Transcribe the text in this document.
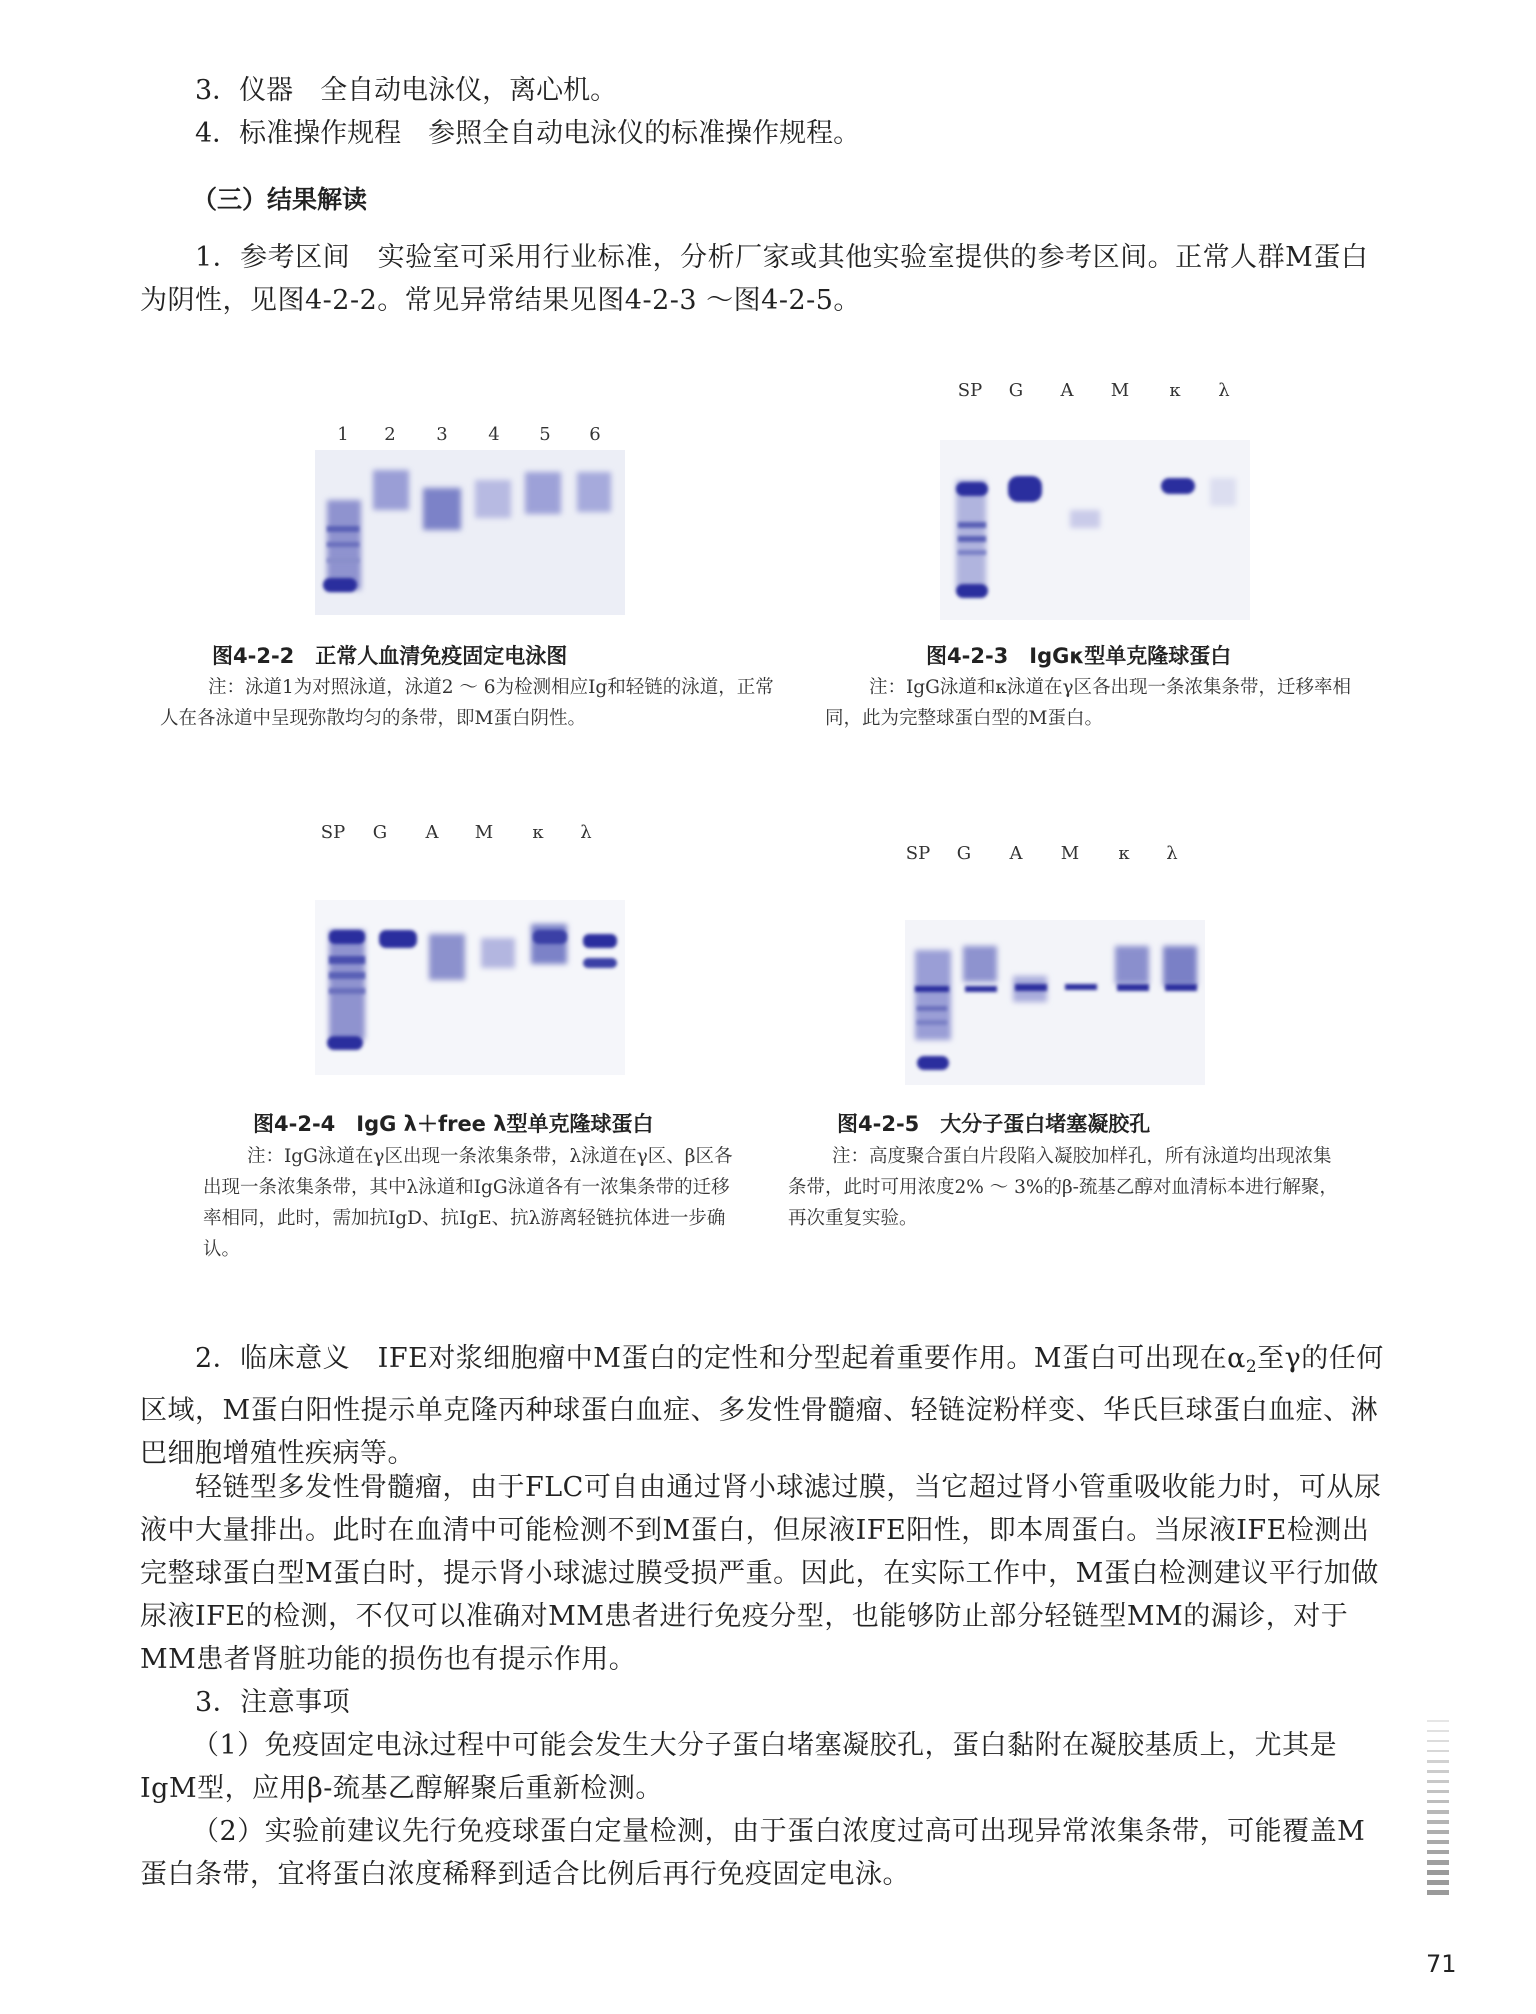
3．仪器　全自动电泳仪，离心机。
4．标准操作规程　参照全自动电泳仪的标准操作规程。
（三）结果解读
1．参考区间　实验室可采用行业标准，分析厂家或其他实验室提供的参考区间。正常人群M蛋白为阴性，见图4-2-2。常见异常结果见图4-2-3 ～图4-2-5。
1 2 3 4 5 6
图4-2-2　正常人血清免疫固定电泳图
注：泳道1为对照泳道，泳道2 ～ 6为检测相应Ig和轻链的泳道，正常人在各泳道中呈现弥散均匀的条带，即M蛋白阴性。
SP G A M κ λ
图4-2-3　IgGκ型单克隆球蛋白
注：IgG泳道和κ泳道在γ区各出现一条浓集条带，迁移率相同，此为完整球蛋白型的M蛋白。
SP G A M κ λ
图4-2-4　IgG λ＋free λ型单克隆球蛋白
注：IgG泳道在γ区出现一条浓集条带，λ泳道在γ区、β区各出现一条浓集条带，其中λ泳道和IgG泳道各有一浓集条带的迁移率相同，此时，需加抗IgD、抗IgE、抗λ游离轻链抗体进一步确认。
SP G A M κ λ
图4-2-5　大分子蛋白堵塞凝胶孔
注：高度聚合蛋白片段陷入凝胶加样孔，所有泳道均出现浓集条带，此时可用浓度2% ～ 3%的β-巯基乙醇对血清标本进行解聚，再次重复实验。
2．临床意义　IFE对浆细胞瘤中M蛋白的定性和分型起着重要作用。M蛋白可出现在$\alpha_2$至γ的任何区域，M蛋白阳性提示单克隆丙种球蛋白血症、多发性骨髓瘤、轻链淀粉样变、华氏巨球蛋白血症、淋巴细胞增殖性疾病等。
轻链型多发性骨髓瘤，由于FLC可自由通过肾小球滤过膜，当它超过肾小管重吸收能力时，可从尿液中大量排出。此时在血清中可能检测不到M蛋白，但尿液IFE阳性，即本周蛋白。当尿液IFE检测出完整球蛋白型M蛋白时，提示肾小球滤过膜受损严重。因此，在实际工作中，M蛋白检测建议平行加做尿液IFE的检测，不仅可以准确对MM患者进行免疫分型，也能够防止部分轻链型MM的漏诊，对于MM患者肾脏功能的损伤也有提示作用。
3．注意事项
（1）免疫固定电泳过程中可能会发生大分子蛋白堵塞凝胶孔，蛋白黏附在凝胶基质上，尤其是IgM型，应用β-巯基乙醇解聚后重新检测。
（2）实验前建议先行免疫球蛋白定量检测，由于蛋白浓度过高可出现异常浓集条带，可能覆盖M蛋白条带，宜将蛋白浓度稀释到适合比例后再行免疫固定电泳。
71
